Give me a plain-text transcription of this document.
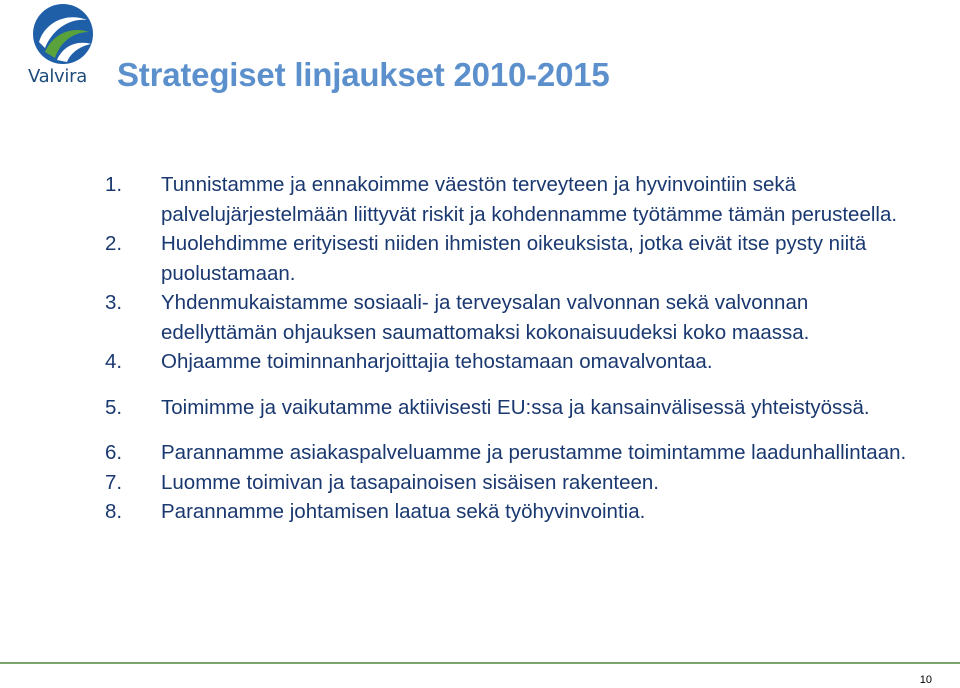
Valvira Strategiset linjaukset 2010-2015
1.	Tunnistamme ja ennakoimme väestön terveyteen ja hyvinvointiin sekä palvelujärjestelmään liittyvät riskit ja kohdennamme työtämme tämän perusteella.
2.	Huolehdimme erityisesti niiden ihmisten oikeuksista, jotka eivät itse pysty niitä puolustamaan.
3.	Yhdenmukaistamme sosiaali- ja terveysalan valvonnan sekä valvonnan edellyttämän ohjauksen saumattomaksi kokonaisuudeksi koko maassa.
4.	Ohjaamme toiminnanharjoittajia tehostamaan omavalvontaa.
5.	Toimimme ja vaikutamme aktiivisesti EU:ssa ja kansainvälisessä yhteistyössä.
6.	Parannamme asiakaspalveluamme ja perustamme toimintamme laadunhallintaan.
7.	Luomme toimivan ja tasapainoisen sisäisen rakenteen.
8.	Parannamme johtamisen laatua sekä työhyvinvointia.
10
